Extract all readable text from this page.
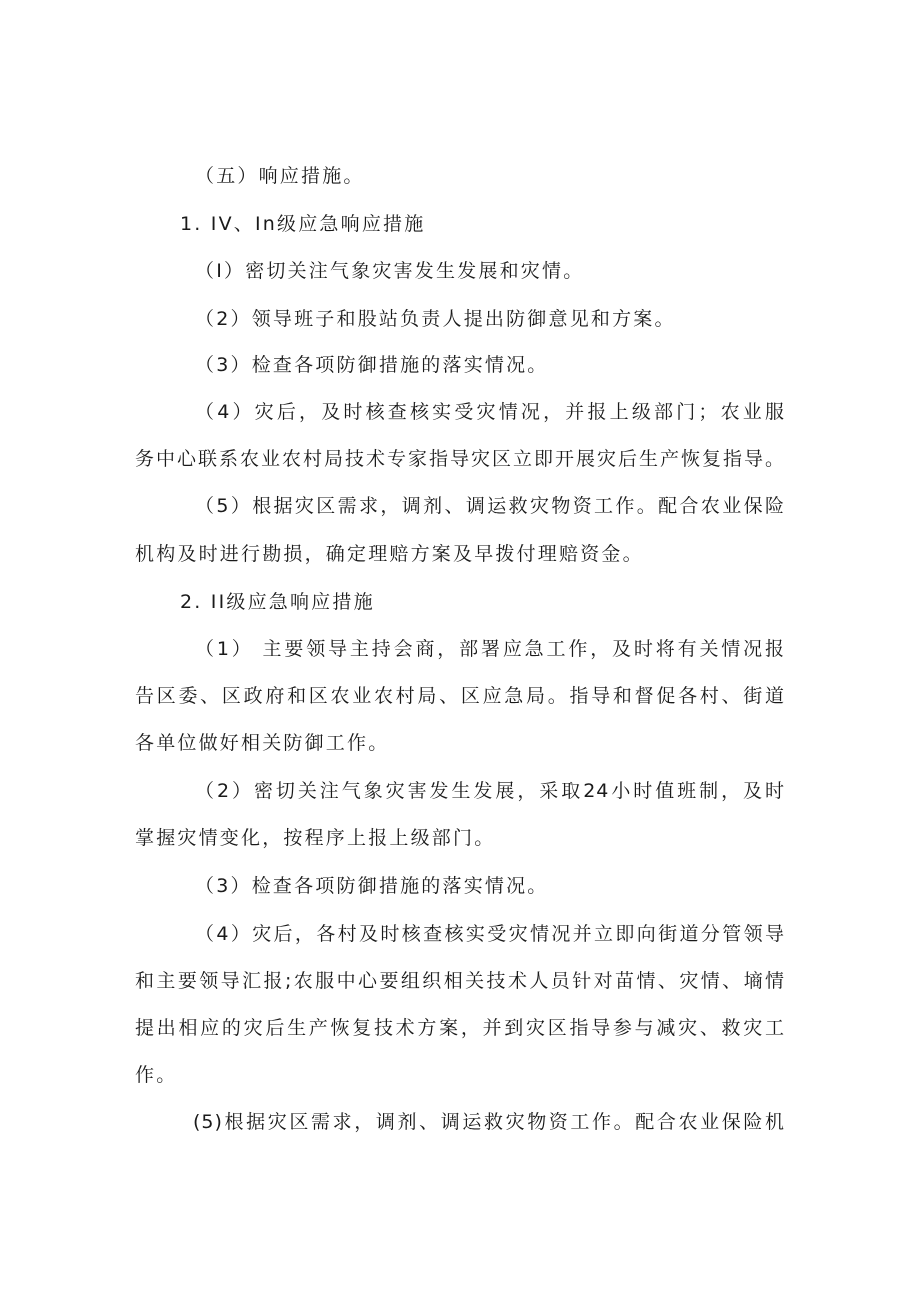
（五）响应措施。

1. IV、In级应急响应措施

（I）密切关注气象灾害发生发展和灾情。

（2）领导班子和股站负责人提出防御意见和方案。

（3）检查各项防御措施的落实情况。

（4）灾后，及时核查核实受灾情况，并报上级部门；农业服

务中心联系农业农村局技术专家指导灾区立即开展灾后生产恢复指导。

（5）根据灾区需求，调剂、调运救灾物资工作。配合农业保险

机构及时进行勘损，确定理赔方案及早拨付理赔资金。

2. II级应急响应措施

（1） 主要领导主持会商，部署应急工作，及时将有关情况报

告区委、区政府和区农业农村局、区应急局。指导和督促各村、街道

各单位做好相关防御工作。

（2）密切关注气象灾害发生发展，采取24小时值班制，及时

掌握灾情变化，按程序上报上级部门。

（3）检查各项防御措施的落实情况。

（4）灾后，各村及时核查核实受灾情况并立即向街道分管领导

和主要领导汇报;农服中心要组织相关技术人员针对苗情、灾情、墒情

提出相应的灾后生产恢复技术方案，并到灾区指导参与减灾、救灾工

作。

(5)根据灾区需求，调剂、调运救灾物资工作。配合农业保险机
